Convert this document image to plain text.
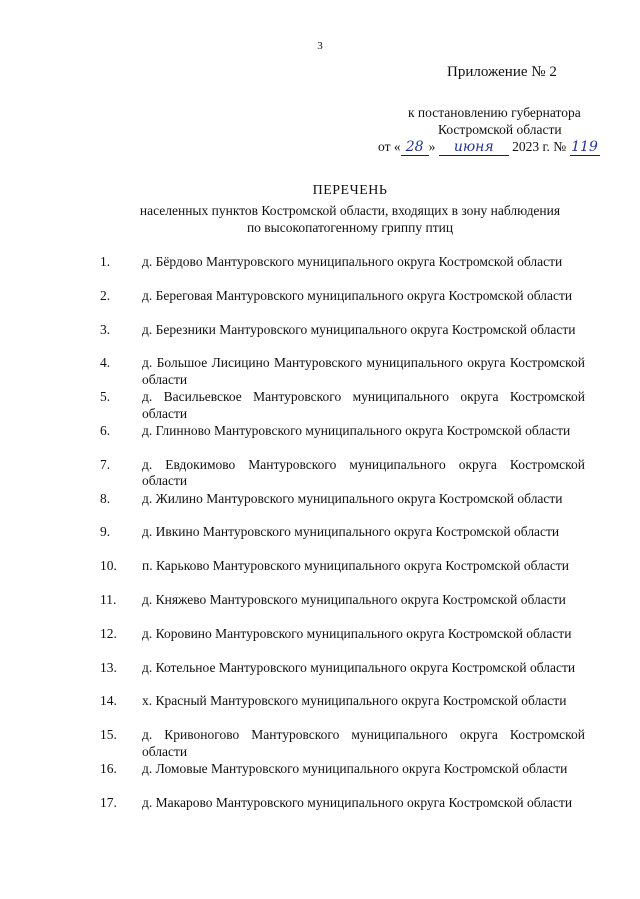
3
Приложение № 2
к постановлению губернатора
Костромской области
от « 28 » июня 2023 г. № 119
ПЕРЕЧЕНЬ
населенных пунктов Костромской области, входящих в зону наблюдения
по высокопатогенному гриппу птиц
1.	д. Бёрдово Мантуровского муниципального округа Костромской области
2.	д. Береговая Мантуровского муниципального округа Костромской области
3.	д. Березники Мантуровского муниципального округа Костромской области
4.	д. Большое Лисицино Мантуровского муниципального округа Костромской области
5.	д. Васильевское Мантуровского муниципального округа Костромской области
6.	д. Глинново Мантуровского муниципального округа Костромской области
7.	д. Евдокимово Мантуровского муниципального округа Костромской области
8.	д. Жилино Мантуровского муниципального округа Костромской области
9.	д. Ивкино Мантуровского муниципального округа Костромской области
10.	п. Карьково Мантуровского муниципального округа Костромской области
11.	д. Княжево Мантуровского муниципального округа Костромской области
12.	д. Коровино Мантуровского муниципального округа Костромской области
13.	д. Котельное Мантуровского муниципального округа Костромской области
14.	х. Красный Мантуровского муниципального округа Костромской области
15.	д. Кривоногово Мантуровского муниципального округа Костромской области
16.	д. Ломовые Мантуровского муниципального округа Костромской области
17.	д. Макарово Мантуровского муниципального округа Костромской области
